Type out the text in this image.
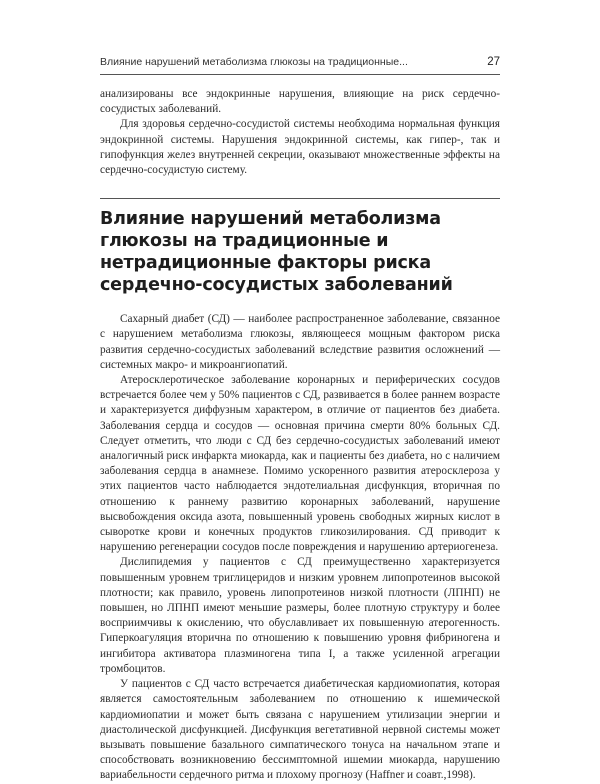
Влияние нарушений метаболизма глюкозы на традиционные...	27

анализированы все эндокринные нарушения, влияющие на риск сердечно-сосудистых заболеваний.

Для здоровья сердечно-сосудистой системы необходима нормальная функция эндокринной системы. Нарушения эндокринной системы, как гипер-, так и гипофункция желез внутренней секреции, оказывают множественные эффекты на сердечно-сосудистую систему.

Влияние нарушений метаболизма глюкозы на традиционные и нетрадиционные факторы риска сердечно-сосудистых заболеваний

Сахарный диабет (СД) — наиболее распространенное заболевание, связанное с нарушением метаболизма глюкозы, являющееся мощным фактором риска развития сердечно-сосудистых заболеваний вследствие развития осложнений — системных макро- и микроангиопатий.

Атеросклеротическое заболевание коронарных и периферических сосудов встречается более чем у 50% пациентов с СД, развивается в более раннем возрасте и характеризуется диффузным характером, в отличие от пациентов без диабета. Заболевания сердца и сосудов — основная причина смерти 80% больных СД. Следует отметить, что люди с СД без сердечно-сосудистых заболеваний имеют аналогичный риск инфаркта миокарда, как и пациенты без диабета, но с наличием заболевания сердца в анамнезе. Помимо ускоренного развития атеросклероза у этих пациентов часто наблюдается эндотелиальная дисфункция, вторичная по отношению к раннему развитию коронарных заболеваний, нарушение высвобождения оксида азота, повышенный уровень свободных жирных кислот в сыворотке крови и конечных продуктов гликозилирования. СД приводит к нарушению регенерации сосудов после повреждения и нарушению артериогенеза.

Дислипидемия у пациентов с СД преимущественно характеризуется повышенным уровнем триглицеридов и низким уровнем липопротеинов высокой плотности; как правило, уровень липопротеинов низкой плотности (ЛПНП) не повышен, но ЛПНП имеют меньшие размеры, более плотную структуру и более восприимчивы к окислению, что обуславливает их повышенную атерогенность. Гиперкоагуляция вторична по отношению к повышению уровня фибриногена и ингибитора активатора плазминогена типа I, а также усиленной агрегации тромбоцитов.

У пациентов с СД часто встречается диабетическая кардиомиопатия, которая является самостоятельным заболеванием по отношению к ишемической кардиомиопатии и может быть связана с нарушением утилизации энергии и диастолической дисфункцией. Дисфункция вегетативной нервной системы может вызывать повышение базального симпатического тонуса на начальном этапе и способствовать возникновению бессимптомной ишемии миокарда, нарушению вариабельности сердечного ритма и плохому прогнозу (Haffner и соавт.,1998).
